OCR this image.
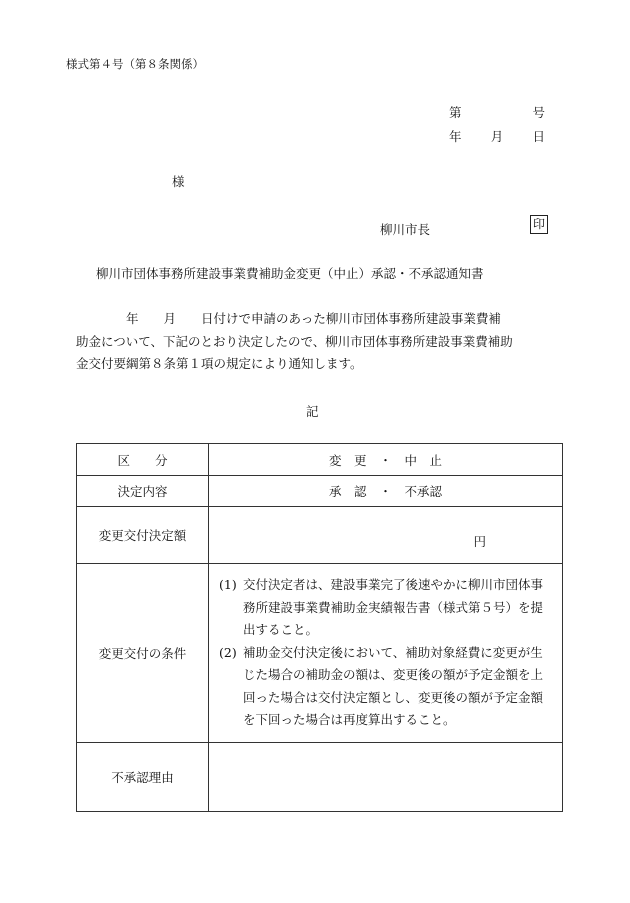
様式第４号（第８条関係）
第	号
年 月 日
様
柳川市長	印
柳川市団体事務所建設事業費補助金変更（中止）承認・不承認通知書

　　　　年　　月　　日付けで申請のあった柳川市団体事務所建設事業費補

助金について、下記のとおり決定したので、柳川市団体事務所建設事業費補助

金交付要綱第８条第１項の規定により通知します。

記
区　　分	変　更 ・ 中　止

決定内容	承　認 ・ 不承認

変更交付決定額	円
変更交付の条件	(1) 交付決定者は、建設事業完了後速やかに柳川市団体事務所建設事業費補助金実績報告書（様式第５号）を提出すること。
(2) 補助金交付決定後において、補助対象経費に変更が生じた場合の補助金の額は、変更後の額が予定金額を上回った場合は交付決定額とし、変更後の額が予定金額を下回った場合は再度算出すること。

不承認理由	
